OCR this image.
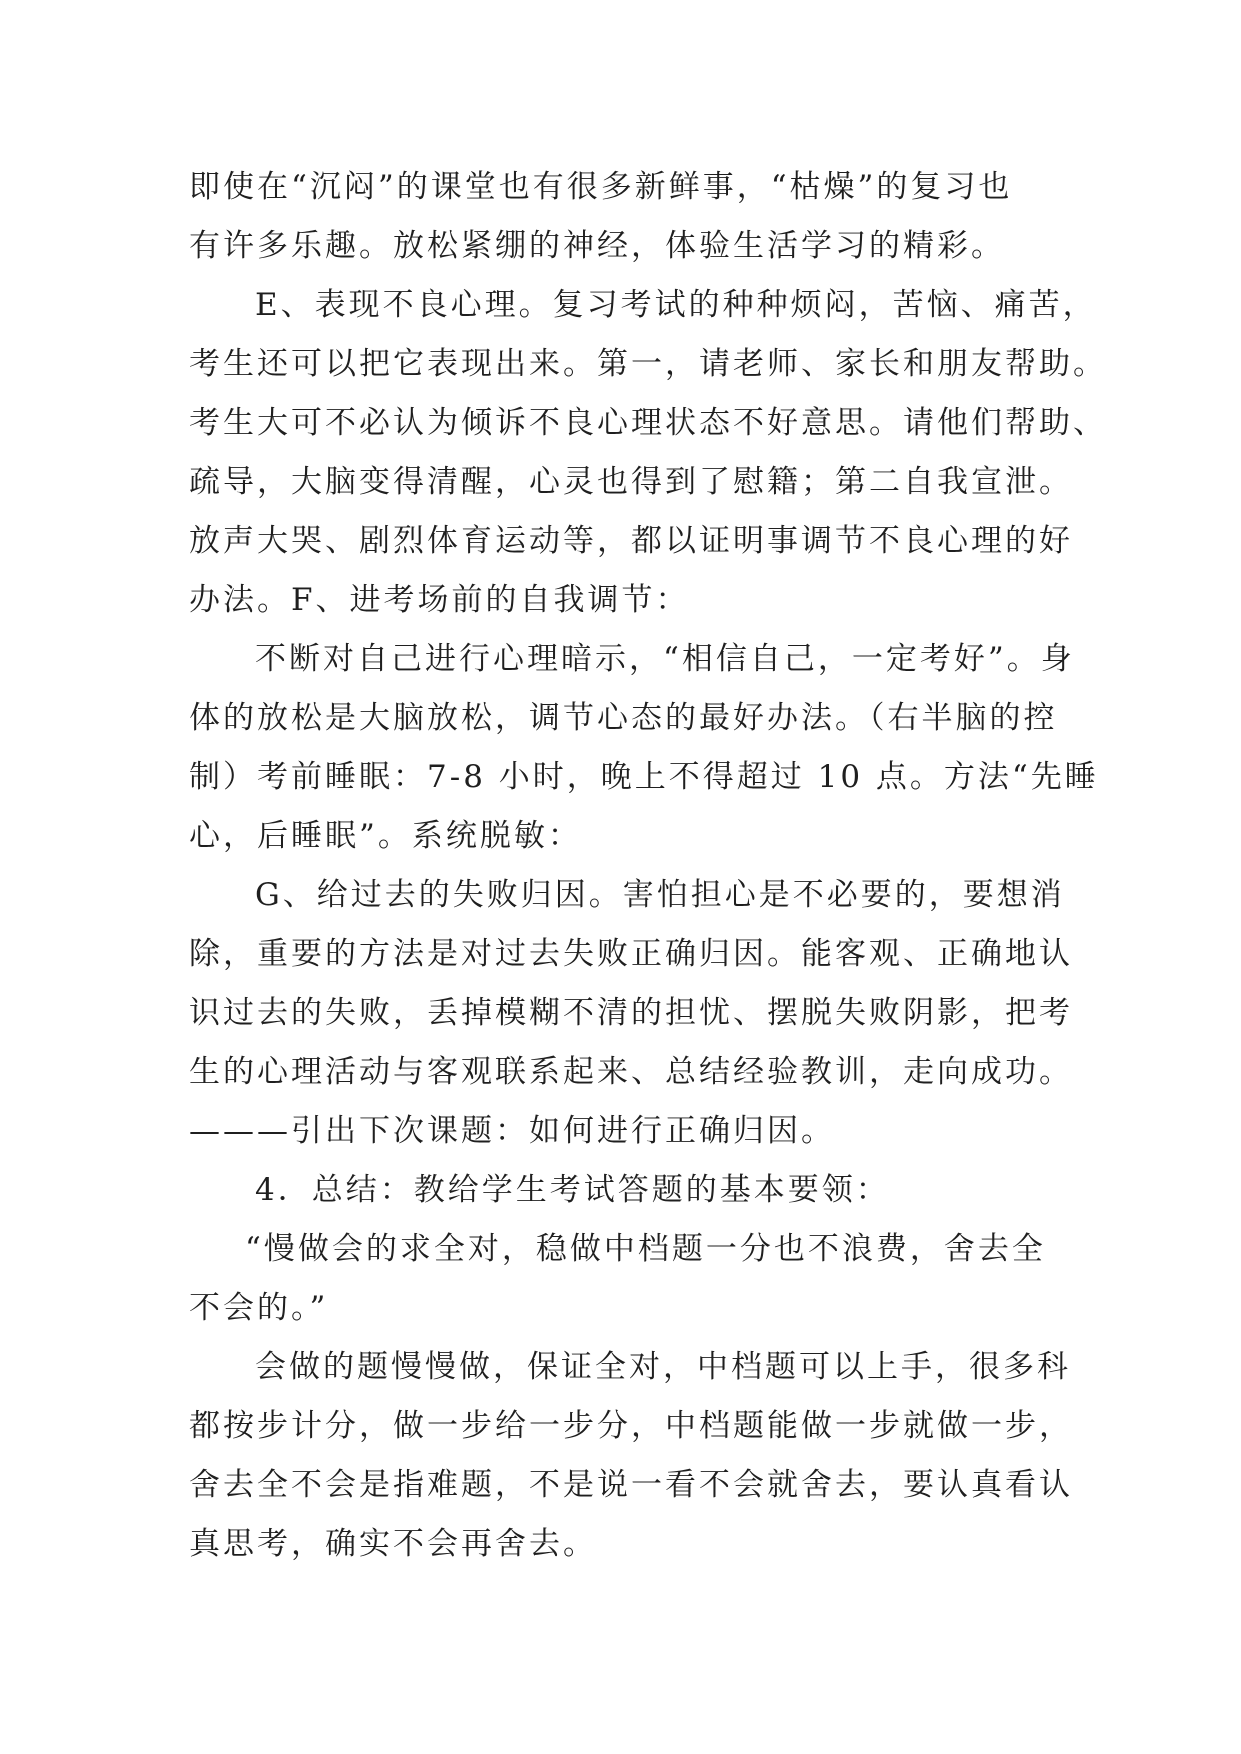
即使在“沉闷”的课堂也有很多新鲜事，“枯燥”的复习也
有许多乐趣。放松紧绷的神经，体验生活学习的精彩。
E、表现不良心理。复习考试的种种烦闷，苦恼、痛苦，
考生还可以把它表现出来。第一，请老师、家长和朋友帮助。
考生大可不必认为倾诉不良心理状态不好意思。请他们帮助、
疏导，大脑变得清醒，心灵也得到了慰籍；第二自我宣泄。
放声大哭、剧烈体育运动等，都以证明事调节不良心理的好
办法。F、进考场前的自我调节：
不断对自己进行心理暗示，“相信自己，一定考好”。身
体的放松是大脑放松，调节心态的最好办法。（右半脑的控
制）考前睡眠：7-8 小时，晚上不得超过 10 点。方法“先睡
心，后睡眠”。系统脱敏：
G、给过去的失败归因。害怕担心是不必要的，要想消
除，重要的方法是对过去失败正确归因。能客观、正确地认
识过去的失败，丢掉模糊不清的担忧、摆脱失败阴影，把考
生的心理活动与客观联系起来、总结经验教训，走向成功。
———引出下次课题：如何进行正确归因。
4．总结：教给学生考试答题的基本要领：
“慢做会的求全对，稳做中档题一分也不浪费，舍去全
不会的。”
会做的题慢慢做，保证全对，中档题可以上手，很多科
都按步计分，做一步给一步分，中档题能做一步就做一步，
舍去全不会是指难题，不是说一看不会就舍去，要认真看认
真思考，确实不会再舍去。
